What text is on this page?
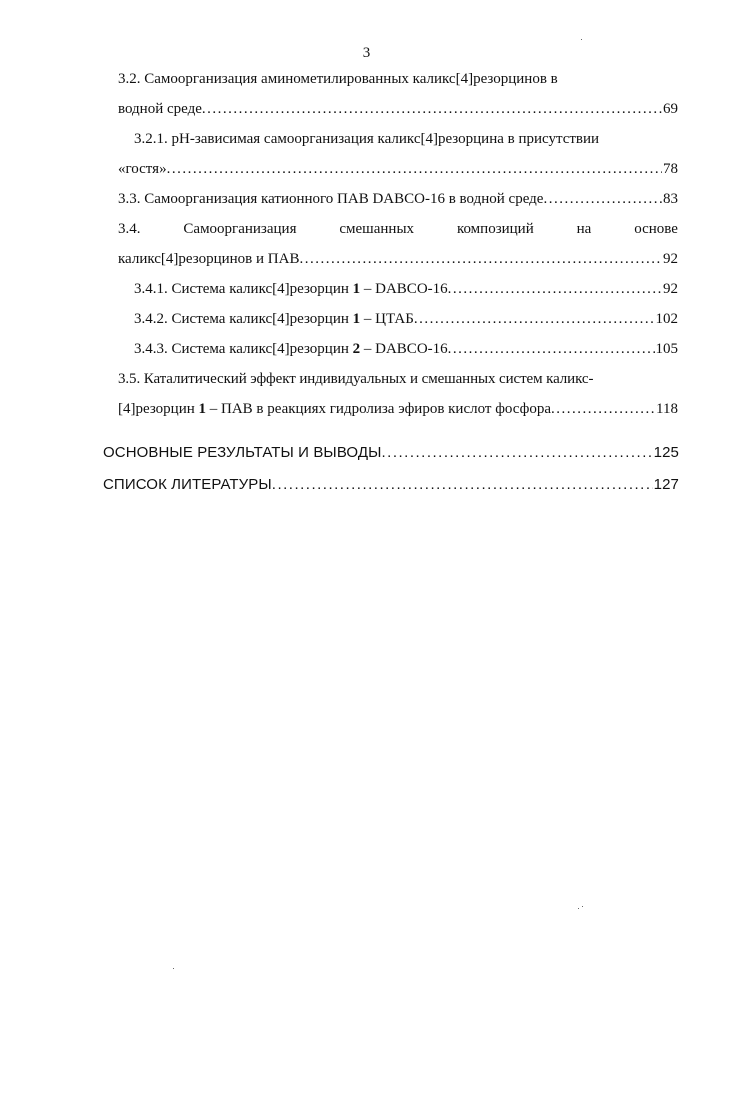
3
3.2. Самоорганизация аминометилированных каликс[4]резорцинов в
водной среде .....	69
3.2.1. pH-зависимая самоорганизация каликс[4]резорцина в присутствии
«гостя» .....	78
3.3. Самоорганизация катионного ПАВ DABCO-16 в водной среде .....	83
3.4.	Самоорганизация	смешанных	композиций	на	основе
каликс[4]резорцинов и ПАВ .....	92
3.4.1. Система каликс[4]резорцин 1 – DABCO-16 .....	92
3.4.2. Система каликс[4]резорцин 1 – ЦТАБ .....	102
3.4.3. Система каликс[4]резорцин 2 – DABCO-16 .....	105
3.5. Каталитический эффект индивидуальных и смешанных систем каликс-
[4]резорцин 1 – ПАВ в реакциях гидролиза эфиров кислот фосфора .....	118
ОСНОВНЫЕ РЕЗУЛЬТАТЫ И ВЫВОДЫ .....	125
СПИСОК ЛИТЕРАТУРЫ .....	127
